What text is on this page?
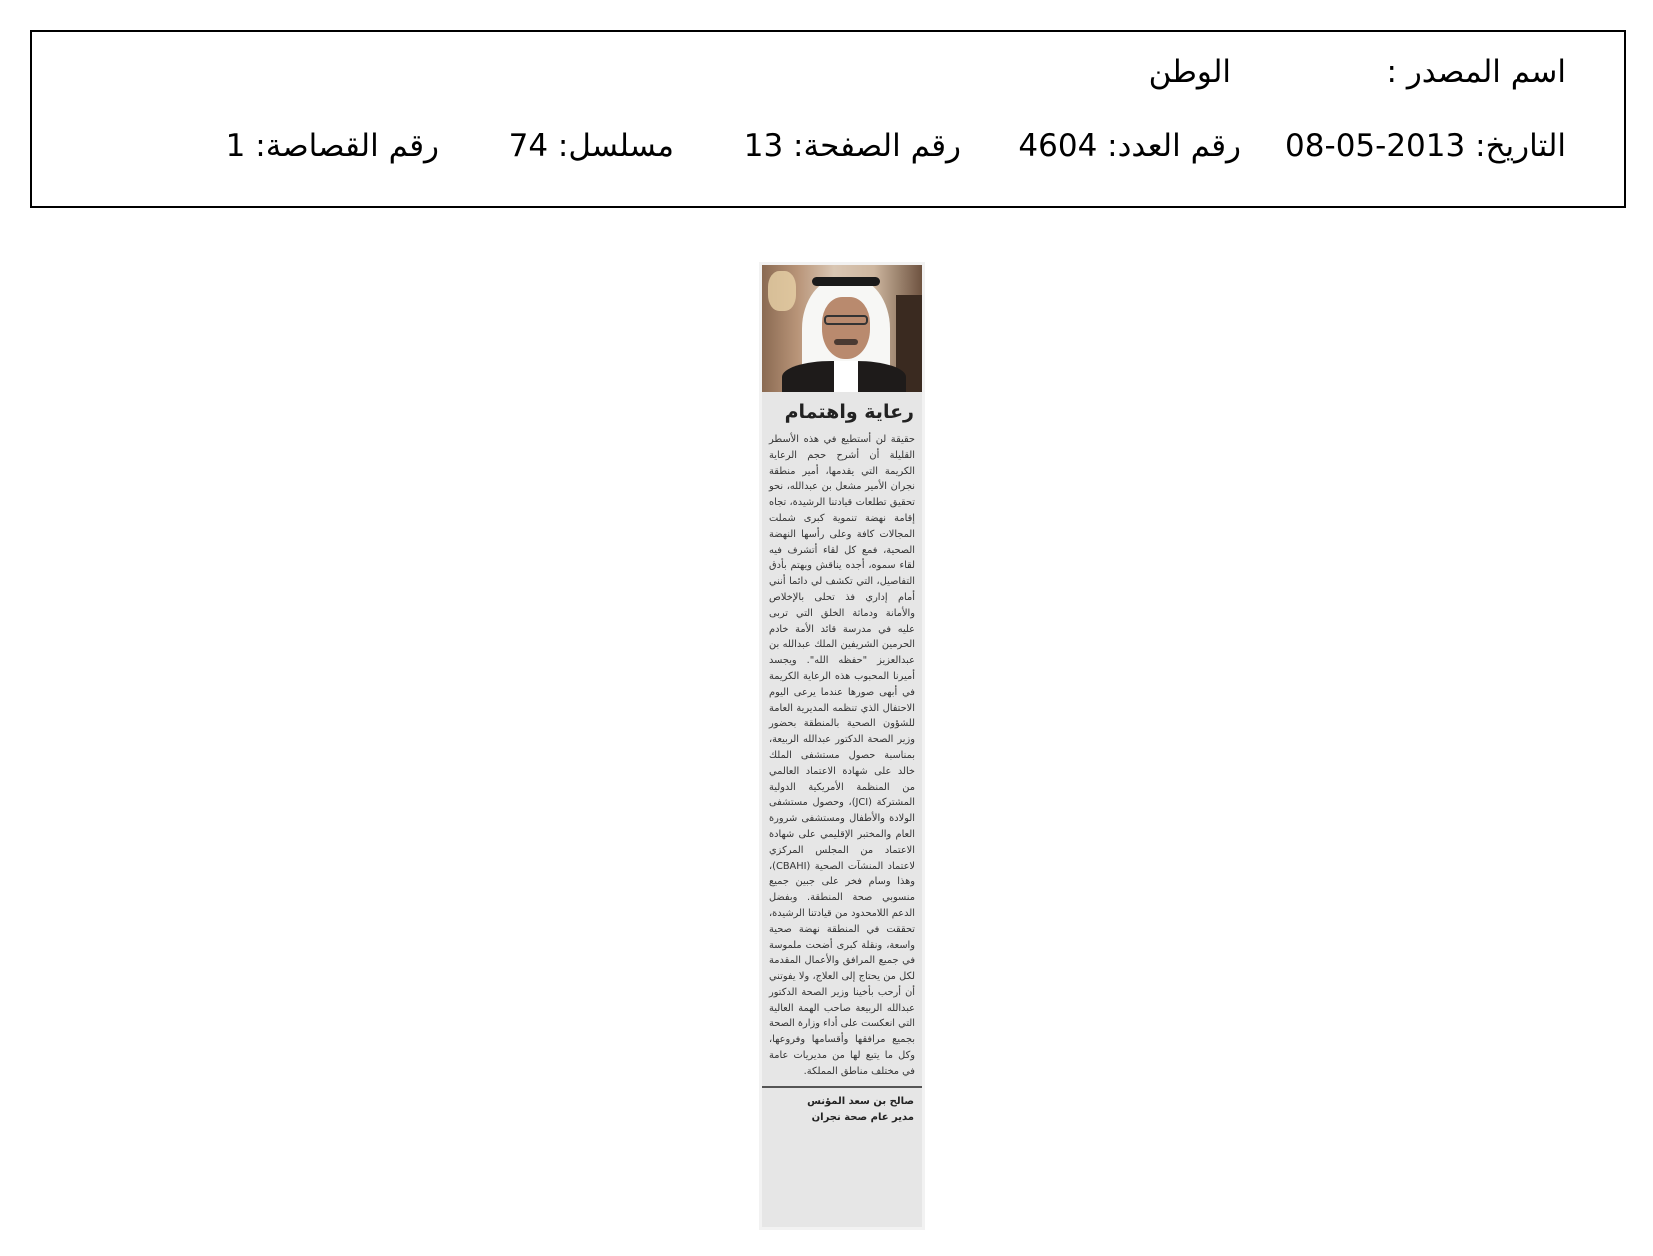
اسم المصدر :
الوطن
التاريخ: 2013-05-08
رقم العدد: 4604
رقم الصفحة: 13
مسلسل: 74
رقم القصاصة: 1
رعاية واهتمام
حقيقة لن أستطيع في هذه الأسطر القليلة أن أشرح حجم الرعاية الكريمة التي يقدمها، أمير منطقة نجران الأمير مشعل بن عبدالله، نحو تحقيق تطلعات قيادتنا الرشيدة، تجاه إقامة نهضة تنموية كبرى شملت المجالات كافة وعلى رأسها النهضة الصحية، فمع كل لقاء أتشرف فيه لقاء سموه، أجده يناقش ويهتم بأدق التفاصيل، التي تكشف لي دائما أنني أمام إداري فذ تحلى بالإخلاص والأمانة ودماثة الخلق التي تربى عليه في مدرسة قائد الأمة خادم الحرمين الشريفين الملك عبدالله بن عبدالعزيز "حفظه الله". ويجسد أميرنا المحبوب هذه الرعاية الكريمة في أبهى صورها عندما يرعى اليوم الاحتفال الذي تنظمه المديرية العامة للشؤون الصحية بالمنطقة بحضور وزير الصحة الدكتور عبدالله الربيعة، بمناسبة حصول مستشفى الملك خالد على شهادة الاعتماد العالمي من المنظمة الأمريكية الدولية المشتركة (JCI)، وحصول مستشفى الولادة والأطفال ومستشفى شرورة العام والمختبر الإقليمي على شهادة الاعتماد من المجلس المركزي لاعتماد المنشآت الصحية (CBAHI)، وهذا وسام فخر على جبين جميع منسوبي صحة المنطقة. وبفضل الدعم اللامحدود من قيادتنا الرشيدة، تحققت في المنطقة نهضة صحية واسعة، ونقلة كبرى أضحت ملموسة في جميع المرافق والأعمال المقدمة لكل من يحتاج إلى العلاج، ولا يفوتني أن أرحب بأخينا وزير الصحة الدكتور عبدالله الربيعة صاحب الهمة العالية التي انعكست على أداء وزارة الصحة بجميع مرافقها وأقسامها وفروعها، وكل ما يتبع لها من مديريات عامة في مختلف مناطق المملكة.
صالح بن سعد المؤنس
مدير عام صحة نجران
